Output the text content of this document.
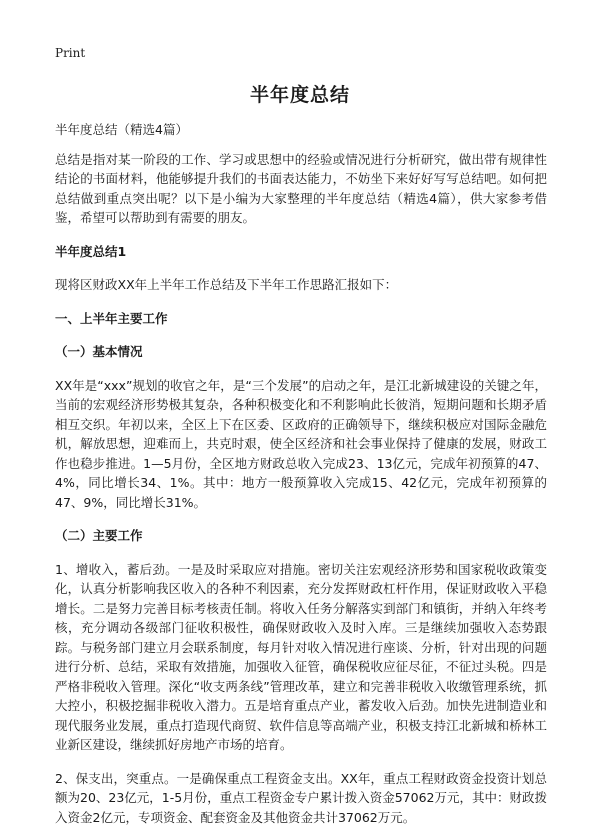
Print
半年度总结

半年度总结（精选4篇）

总结是指对某一阶段的工作、学习或思想中的经验或情况进行分析研究，做出带有规律性结论的书面材料，他能够提升我们的书面表达能力，不妨坐下来好好写写总结吧。如何把总结做到重点突出呢？以下是小编为大家整理的半年度总结（精选4篇），供大家参考借鉴，希望可以帮助到有需要的朋友。

半年度总结1

现将区财政XX年上半年工作总结及下半年工作思路汇报如下：

一、上半年主要工作

（一）基本情况

XX年是“xxx”规划的收官之年，是“三个发展”的启动之年，是江北新城建设的关键之年，当前的宏观经济形势极其复杂，各种积极变化和不利影响此长彼消，短期问题和长期矛盾相互交织。年初以来，全区上下在区委、区政府的正确领导下，继续积极应对国际金融危机，解放思想，迎难而上，共克时艰，使全区经济和社会事业保持了健康的发展，财政工作也稳步推进。1—5月份，全区地方财政总收入完成23、13亿元，完成年初预算的47、4%，同比增长34、1%。其中：地方一般预算收入完成15、42亿元，完成年初预算的47、9%，同比增长31%。

（二）主要工作

1、增收入，蓄后劲。一是及时采取应对措施。密切关注宏观经济形势和国家税收政策变化，认真分析影响我区收入的各种不利因素，充分发挥财政杠杆作用，保证财政收入平稳增长。二是努力完善目标考核责任制。将收入任务分解落实到部门和镇街，并纳入年终考核，充分调动各级部门征收积极性，确保财政收入及时入库。三是继续加强收入态势跟踪。与税务部门建立月会联系制度，每月针对收入情况进行座谈、分析，针对出现的问题进行分析、总结，采取有效措施，加强收入征管，确保税收应征尽征，不征过头税。四是严格非税收入管理。深化“收支两条线”管理改革，建立和完善非税收入收缴管理系统，抓大控小，积极挖掘非税收入潜力。五是培育重点产业，蓄发收入后劲。加快先进制造业和现代服务业发展，重点打造现代商贸、软件信息等高端产业，积极支持江北新城和桥林工业新区建设，继续抓好房地产市场的培育。

2、保支出，突重点。一是确保重点工程资金支出。XX年，重点工程财政资金投资计划总额为20、23亿元，1-5月份，重点工程资金专户累计拨入资金57062万元，其中：财政拨入资金2亿元，专项资金、配套资金及其他资金共计37062万元。
